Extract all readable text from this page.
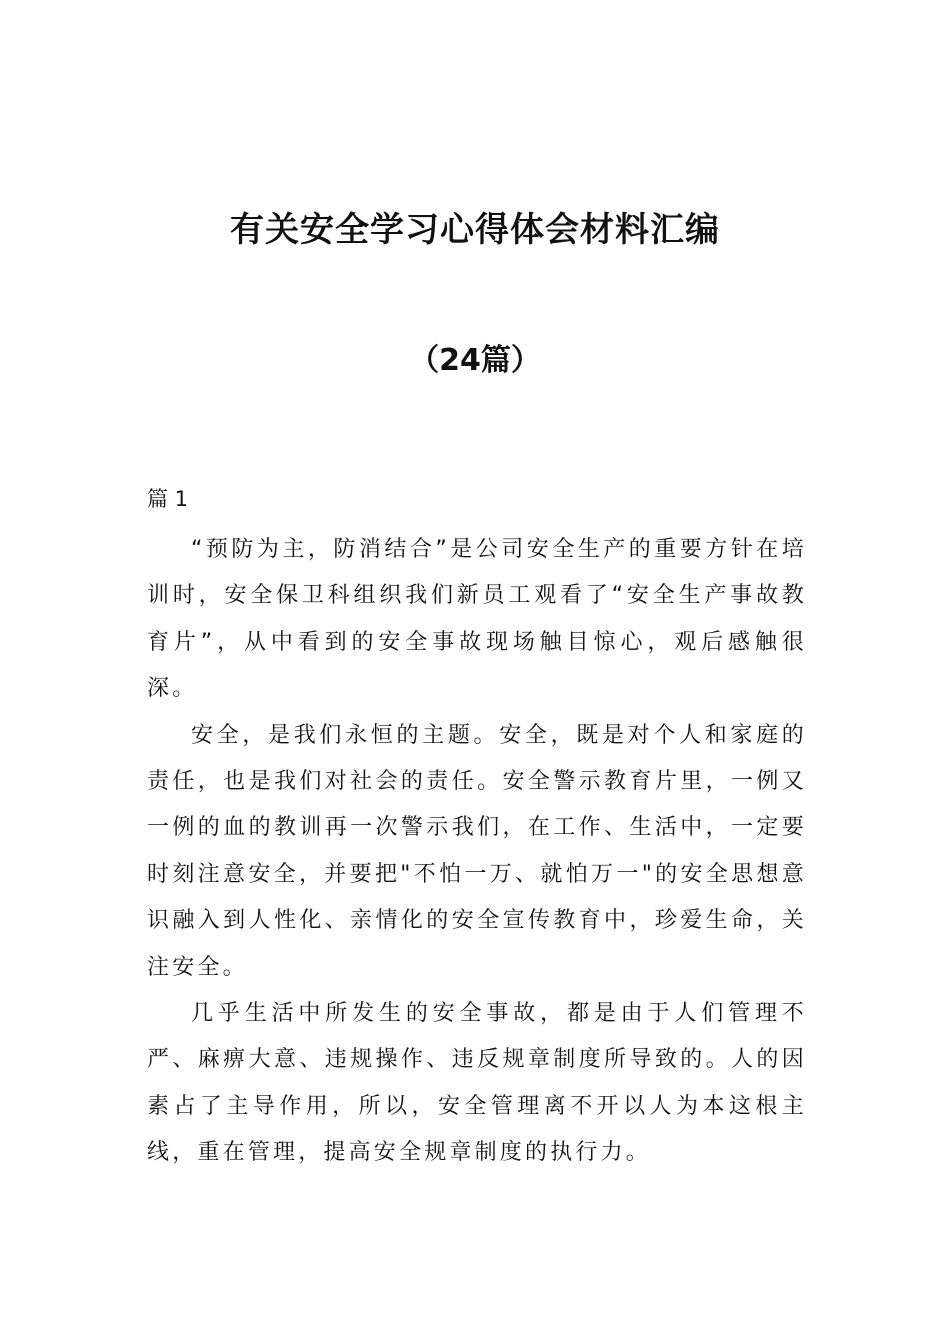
有关安全学习心得体会材料汇编
（24篇）
篇 1

“预防为主，防消结合”是公司安全生产的重要方针在培训时，安全保卫科组织我们新员工观看了“安全生产事故教育片”，从中看到的安全事故现场触目惊心，观后感触很深。

安全，是我们永恒的主题。安全，既是对个人和家庭的责任，也是我们对社会的责任。安全警示教育片里，一例又一例的血的教训再一次警示我们，在工作、生活中，一定要时刻注意安全，并要把"不怕一万、就怕万一"的安全思想意识融入到人性化、亲情化的安全宣传教育中，珍爱生命，关注安全。

几乎生活中所发生的安全事故，都是由于人们管理不严、麻痹大意、违规操作、违反规章制度所导致的。人的因素占了主导作用，所以，安全管理离不开以人为本这根主线，重在管理，提高安全规章制度的执行力。
